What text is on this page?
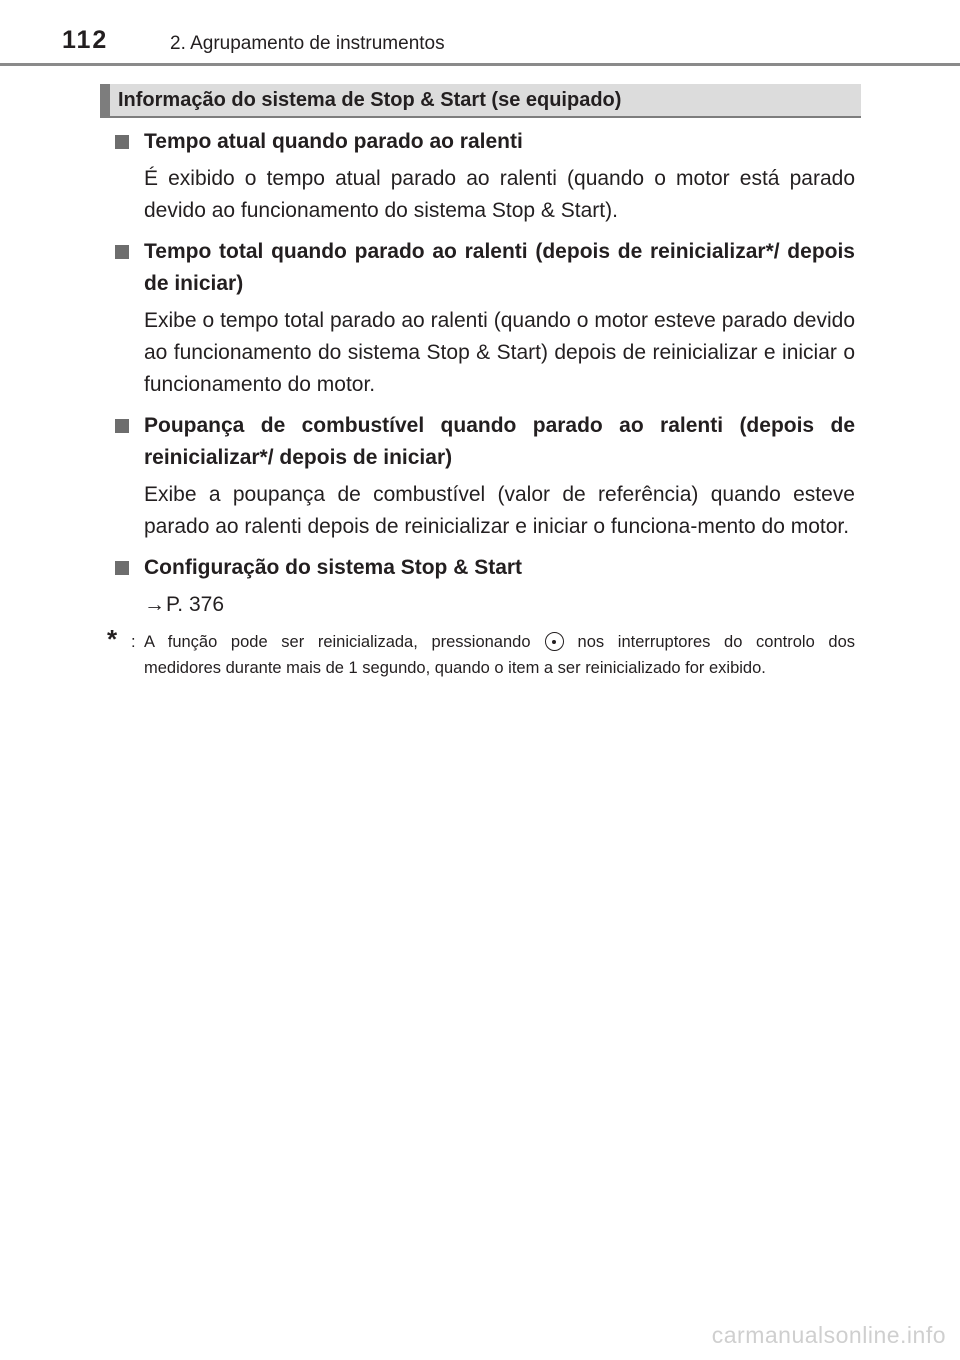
112	2. Agrupamento de instrumentos
Informação do sistema de Stop & Start (se equipado)
Tempo atual quando parado ao ralenti
É exibido o tempo atual parado ao ralenti (quando o motor está parado devido ao funcionamento do sistema Stop & Start).
Tempo total quando parado ao ralenti (depois de reinicializar*/ depois de iniciar)
Exibe o tempo total parado ao ralenti (quando o motor esteve parado devido ao funcionamento do sistema Stop & Start) depois de reinicializar e iniciar o funcionamento do motor.
Poupança de combustível quando parado ao ralenti (depois de reinicializar*/ depois de iniciar)
Exibe a poupança de combustível (valor de referência) quando esteve parado ao ralenti depois de reinicializar e iniciar o funciona-mento do motor.
Configuração do sistema Stop & Start
→P. 376
* : A função pode ser reinicializada, pressionando	nos interruptores do controlo dos medidores durante mais de 1 segundo, quando o item a ser reinicializado for exibido.
carmanualsonline.info
